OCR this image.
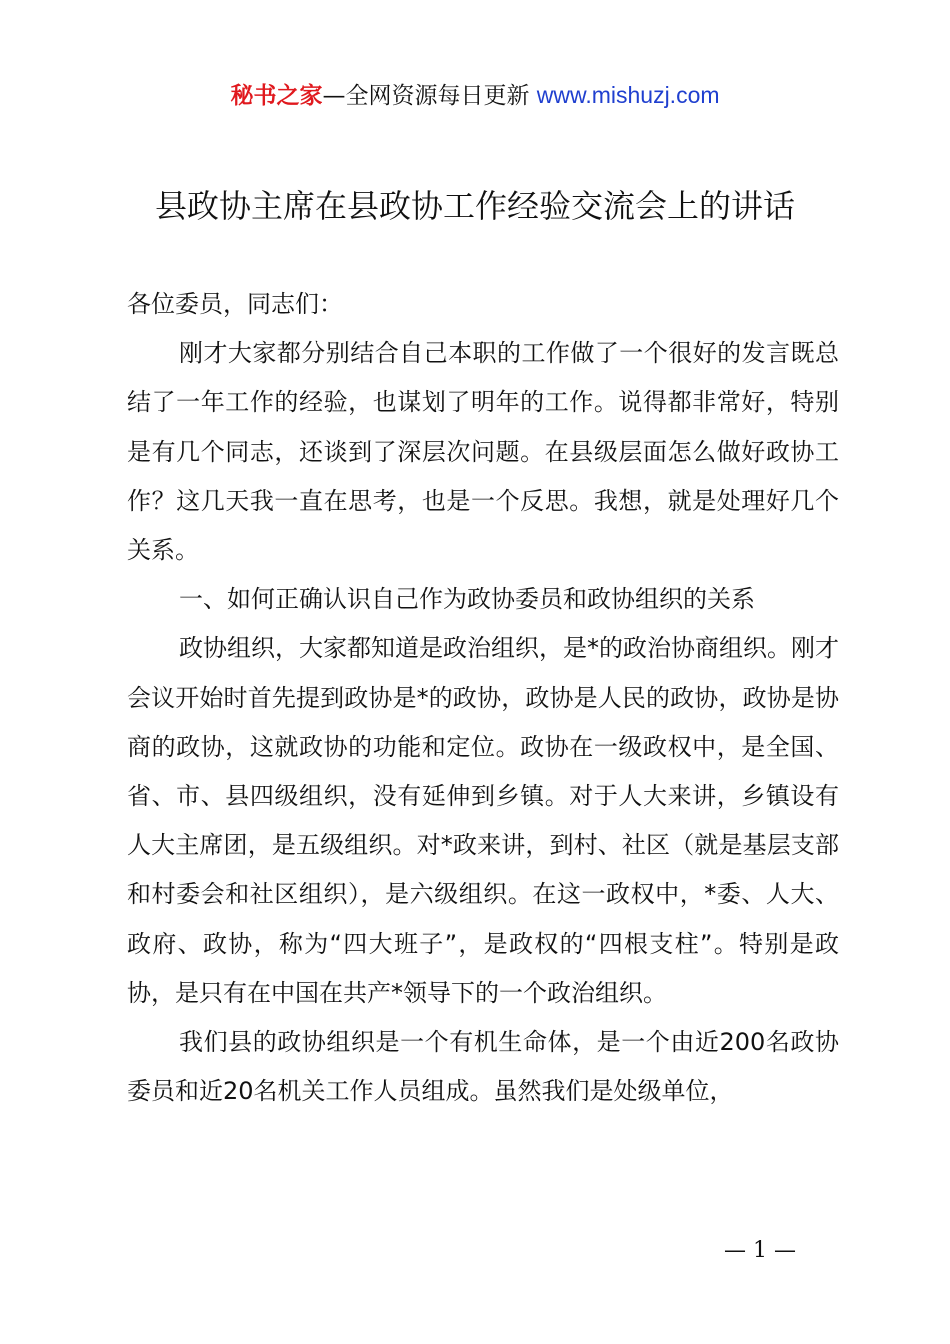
秘书之家—全网资源每日更新 www.mishuzj.com
县政协主席在县政协工作经验交流会上的讲话

各位委员，同志们：

刚才大家都分别结合自己本职的工作做了一个很好的发言既总结了一年工作的经验，也谋划了明年的工作。说得都非常好，特别是有几个同志，还谈到了深层次问题。在县级层面怎么做好政协工作？这几天我一直在思考，也是一个反思。我想，就是处理好几个关系。

一、如何正确认识自己作为政协委员和政协组织的关系

政协组织，大家都知道是政治组织，是*的政治协商组织。刚才会议开始时首先提到政协是*的政协，政协是人民的政协，政协是协商的政协，这就政协的功能和定位。政协在一级政权中，是全国、省、市、县四级组织，没有延伸到乡镇。对于人大来讲，乡镇设有人大主席团，是五级组织。对*政来讲，到村、社区（就是基层支部和村委会和社区组织），是六级组织。在这一政权中，*委、人大、政府、政协，称为“四大班子”，是政权的“四根支柱”。特别是政协，是只有在中国在共产*领导下的一个政治组织。

我们县的政协组织是一个有机生命体，是一个由近200名政协委员和近20名机关工作人员组成。虽然我们是处级单位，

— 1 —
